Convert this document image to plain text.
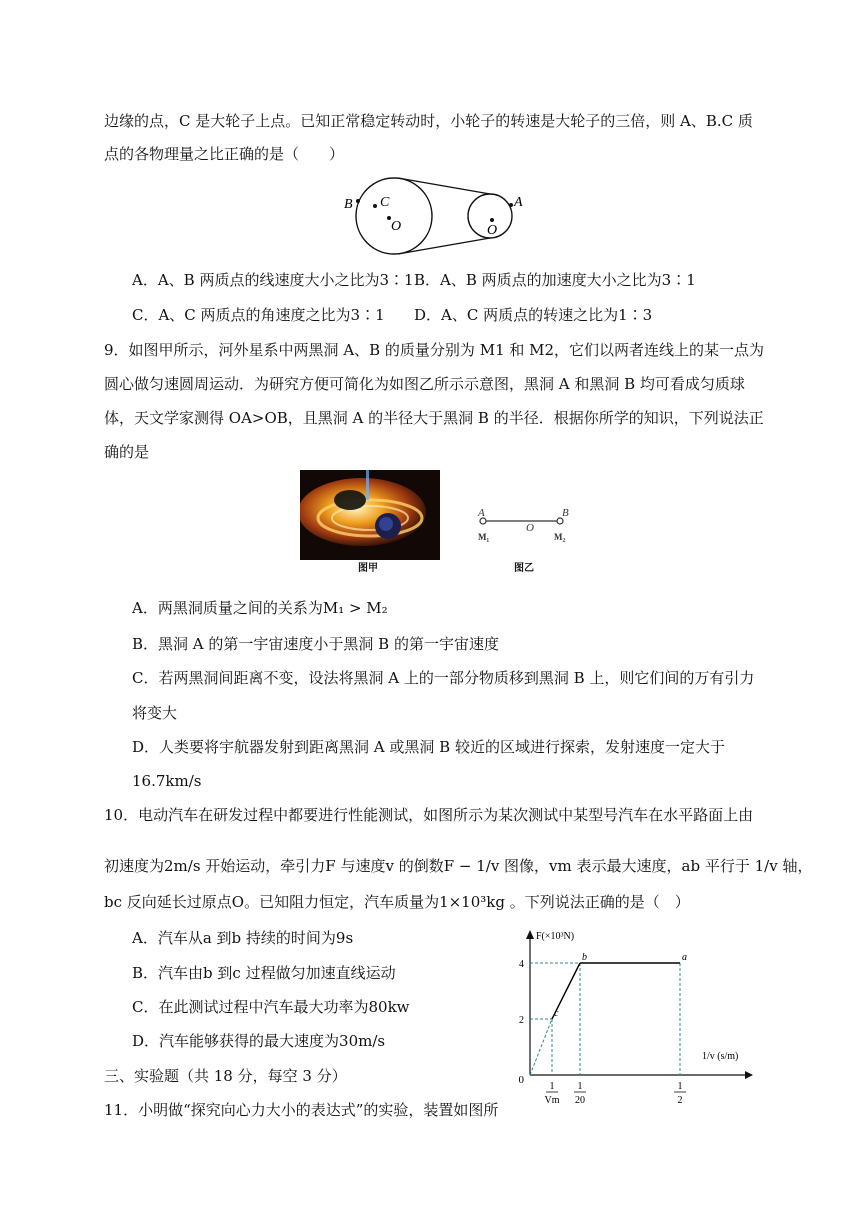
边缘的点，C 是大轮子上点。已知正常稳定转动时，小轮子的转速是大轮子的三倍，则 A、B.C 质
点的各物理量之比正确的是（　　）
B C
O
A
O
A．A、B 两质点的线速度大小之比为3∶1 B．A、B 两质点的加速度大小之比为3∶1
C．A、C 两质点的角速度之比为3∶1 D．A、C 两质点的转速之比为1∶3
9．如图甲所示，河外星系中两黑洞 A、B 的质量分别为 M1 和 M2，它们以两者连线上的某一点为
圆心做匀速圆周运动．为研究方便可简化为如图乙所示示意图，黑洞 A 和黑洞 B 均可看成匀质球
体，天文学家测得 OA>OB，且黑洞 A 的半径大于黑洞 B 的半径．根据你所学的知识，下列说法正
确的是
图甲
A
O
B
M₁	M₂
图乙
A．两黑洞质量之间的关系为M₁ > M₂
B．黑洞 A 的第一宇宙速度小于黑洞 B 的第一宇宙速度
C．若两黑洞间距离不变，设法将黑洞 A 上的一部分物质移到黑洞 B 上，则它们间的万有引力
将变大
D．人类要将宇航器发射到距离黑洞 A 或黑洞 B 较近的区域进行探索，发射速度一定大于
16.7km/s
10．电动汽车在研发过程中都要进行性能测试，如图所示为某次测试中某型号汽车在水平路面上由
初速度为2m/s 开始运动，牵引力F 与速度v 的倒数F − 1/v 图像，vm 表示最大速度，ab 平行于 1/v 轴，
bc 反向延长过原点O。已知阻力恒定，汽车质量为1×10³kg 。下列说法正确的是（　）
A．汽车从a 到b 持续的时间为9s
B．汽车由b 到c 过程做匀加速直线运动
C．在此测试过程中汽车最大功率为80kw
D．汽车能够获得的最大速度为30m/s
F(×10³N)
1/v (s/m)
0
c
b	a
2
4
1
Vm
1
20
1
2
三、实验题（共 18 分，每空 3 分）
11．小明做“探究向心力大小的表达式”的实验，装置如图所
